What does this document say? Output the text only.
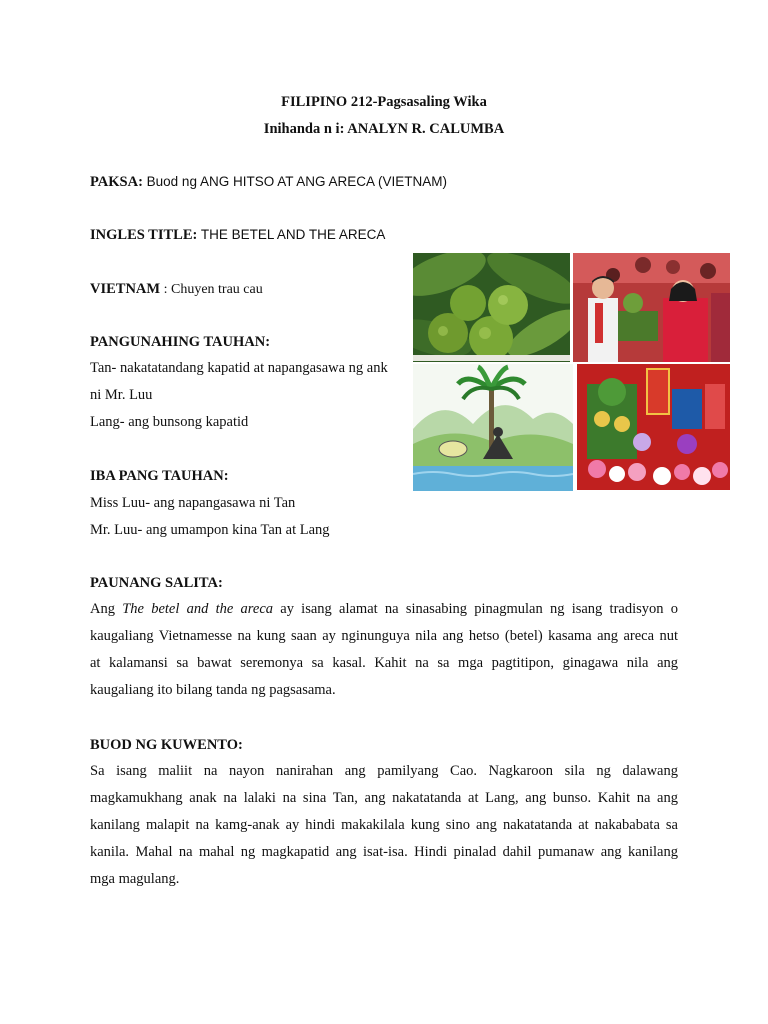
FILIPINO 212-Pagsasaling Wika
Inihanda n i: ANALYN R. CALUMBA
PAKSA: Buod ng ANG HITSO AT ANG ARECA (VIETNAM)
INGLES TITLE: THE BETEL AND THE ARECA
VIETNAM : Chuyen trau cau
PANGUNAHING TAUHAN:
Tan- nakatatandang kapatid at napangasawa ng ank
ni Mr. Luu
Lang- ang bunsong kapatid
IBA PANG TAUHAN:
Miss Luu- ang napangasawa ni Tan
Mr. Luu- ang umampon kina Tan at Lang
PAUNANG SALITA:
Ang The betel and the areca ay isang alamat na sinasabing pinagmulan ng isang tradisyon o
kaugaliang Vietnamesse na kung saan ay nginunguya nila ang hetso (betel) kasama ang areca nut
at kalamansi sa bawat seremonya sa kasal. Kahit na sa mga pagtitipon, ginagawa nila ang
kaugaliang ito bilang tanda ng pagsasama.
BUOD NG KUWENTO:
Sa isang maliit na nayon nanirahan ang pamilyang Cao. Nagkaroon sila ng dalawang
magkamukhang anak na lalaki na sina Tan, ang nakatatanda at Lang, ang bunso. Kahit na ang
kanilang malapit na kamg-anak ay hindi makakilala kung sino ang nakatatanda at nakababata sa
kanila. Mahal na mahal ng magkapatid ang isat-isa. Hindi pinalad dahil pumanaw ang kanilang
mga magulang.
